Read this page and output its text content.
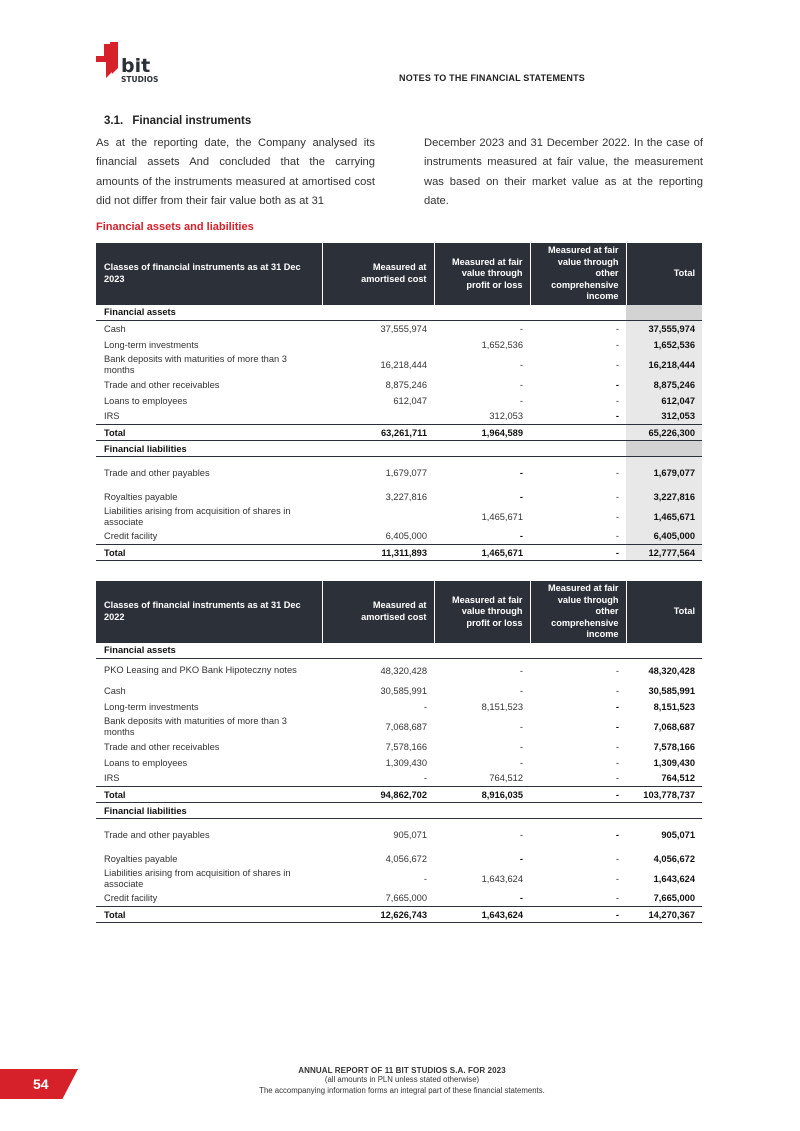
bit
STUDIOS	NOTES TO THE FINANCIAL STATEMENTS
3.1. Financial instruments

As at the reporting date, the Company analysed its financial assets And concluded that the carrying amounts of the instruments measured at amortised cost did not differ from their fair value both as at 31

December 2023 and 31 December 2022. In the case of instruments measured at fair value, the measurement was based on their market value as at the reporting date.

Financial assets and liabilities
Classes of financial instruments as at 31 Dec 2023	Measured at amortised cost	Measured at fair value through profit or loss	Measured at fair value through other comprehensive income	Total
Financial assets				
Cash	37,555,974	-	-	37,555,974
Long-term investments		1,652,536	-	1,652,536
Bank deposits with maturities of more than 3 months	16,218,444	-	-	16,218,444
Trade and other receivables	8,875,246	-	-	8,875,246
Loans to employees	612,047	-	-	612,047
IRS		312,053	-	312,053
Total	63,261,711	1,964,589		65,226,300
Financial liabilities				
Trade and other payables	1,679,077	-	-	1,679,077
Royalties payable	3,227,816	-	-	3,227,816
Liabilities arising from acquisition of shares in associate		1,465,671	-	1,465,671
Credit facility	6,405,000	-	-	6,405,000
Total	11,311,893	1,465,671	-	12,777,564
Classes of financial instruments as at 31 Dec 2022	Measured at amortised cost	Measured at fair value through profit or loss	Measured at fair value through other comprehensive income	Total
Financial assets				
PKO Leasing and PKO Bank Hipoteczny notes	48,320,428	-	-	48,320,428
Cash	30,585,991	-	-	30,585,991
Long-term investments	-	8,151,523	-	8,151,523
Bank deposits with maturities of more than 3 months	7,068,687	-	-	7,068,687
Trade and other receivables	7,578,166	-	-	7,578,166
Loans to employees	1,309,430	-	-	1,309,430
IRS	-	764,512	-	764,512
Total	94,862,702	8,916,035	-	103,778,737
Financial liabilities				
Trade and other payables	905,071	-	-	905,071
Royalties payable	4,056,672	-	-	4,056,672
Liabilities arising from acquisition of shares in associate	-	1,643,624	-	1,643,624
Credit facility	7,665,000	-	-	7,665,000
Total	12,626,743	1,643,624	-	14,270,367
ANNUAL REPORT OF 11 BIT STUDIOS S.A. FOR 2023
(all amounts in PLN unless stated otherwise)
The accompanying information forms an integral part of these financial statements.
54
